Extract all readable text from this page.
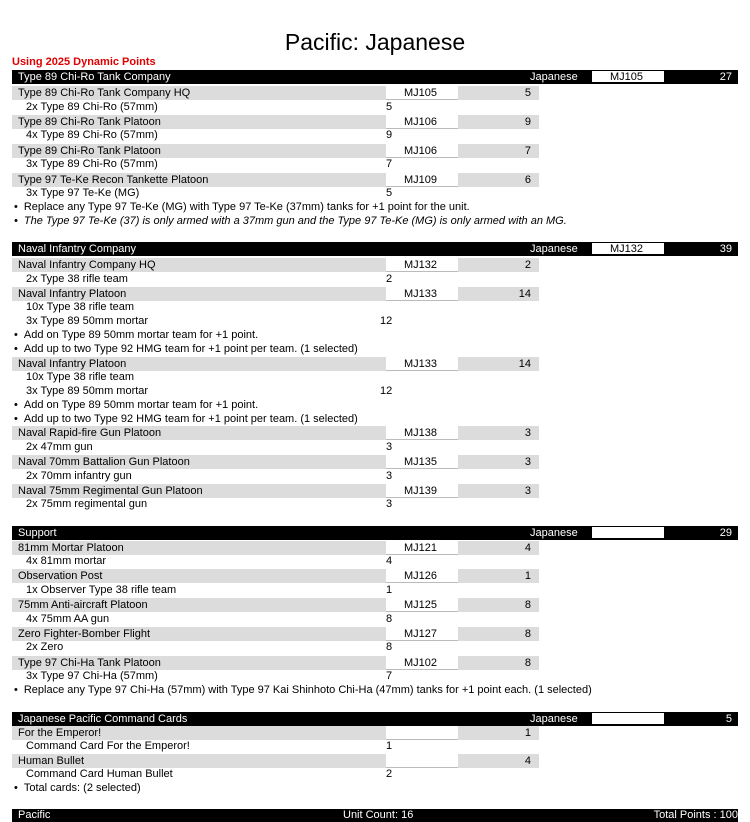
Pacific: Japanese
Using 2025 Dynamic Points
Type 89 Chi-Ro Tank Company	Japanese	MJ105	27
Type 89 Chi-Ro Tank Company HQ	MJ105	5
2x Type 89 Chi-Ro (57mm)	5
Type 89 Chi-Ro Tank Platoon	MJ106	9
4x Type 89 Chi-Ro (57mm)	9
Type 89 Chi-Ro Tank Platoon	MJ106	7
3x Type 89 Chi-Ro (57mm)	7
Type 97 Te-Ke Recon Tankette Platoon	MJ109	6
3x Type 97 Te-Ke (MG)	5
• Replace any Type 97 Te-Ke (MG) with Type 97 Te-Ke (37mm) tanks for +1 point for the unit.
• The Type 97 Te-Ke (37) is only armed with a 37mm gun and the Type 97 Te-Ke (MG) is only armed with an MG.
Naval Infantry Company	Japanese	MJ132	39
Naval Infantry Company HQ	MJ132	2
2x Type 38 rifle team	2
Naval Infantry Platoon	MJ133	14
10x Type 38 rifle team
3x Type 89 50mm mortar	12
• Add on Type 89 50mm mortar team for +1 point.
• Add up to two Type 92 HMG team for +1 point per team. (1 selected)
Naval Infantry Platoon	MJ133	14
10x Type 38 rifle team
3x Type 89 50mm mortar	12
• Add on Type 89 50mm mortar team for +1 point.
• Add up to two Type 92 HMG team for +1 point per team. (1 selected)
Naval Rapid-fire Gun Platoon	MJ138	3
2x 47mm gun	3
Naval 70mm Battalion Gun Platoon	MJ135	3
2x 70mm infantry gun	3
Naval 75mm Regimental Gun Platoon	MJ139	3
2x 75mm regimental gun	3
Support	Japanese	29
81mm Mortar Platoon	MJ121	4
4x 81mm mortar	4
Observation Post	MJ126	1
1x Observer Type 38 rifle team	1
75mm Anti-aircraft Platoon	MJ125	8
4x 75mm AA gun	8
Zero Fighter-Bomber Flight	MJ127	8
2x Zero	8
Type 97 Chi-Ha Tank Platoon	MJ102	8
3x Type 97 Chi-Ha (57mm)	7
• Replace any Type 97 Chi-Ha (57mm) with Type 97 Kai Shinhoto Chi-Ha (47mm) tanks for +1 point each. (1 selected)
Japanese Pacific Command Cards	Japanese	5
For the Emperor!	1
Command Card For the Emperor!	1
Human Bullet	4
Command Card Human Bullet	2
• Total cards: (2 selected)
Pacific	Unit Count: 16	Total Points : 100
